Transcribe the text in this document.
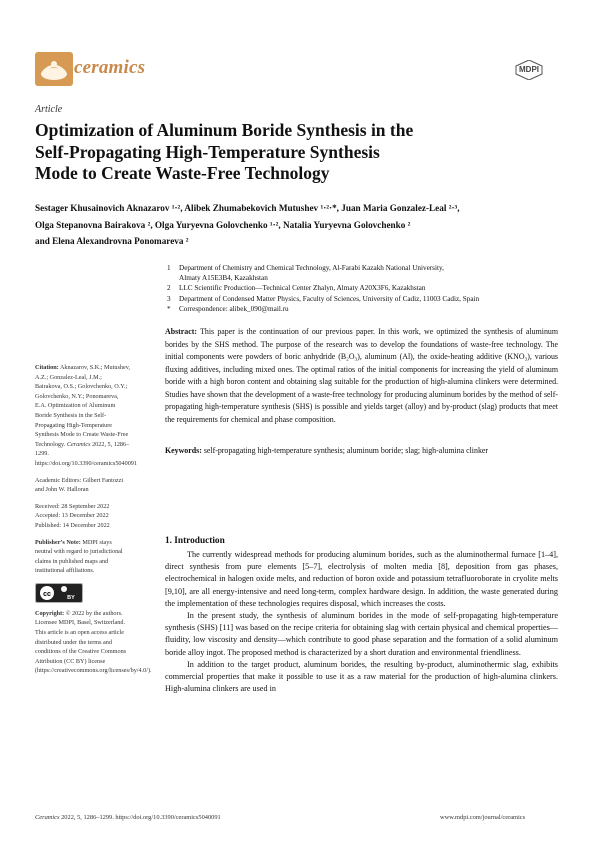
ceramics	MDPI
Article
Optimization of Aluminum Boride Synthesis in the
Self-Propagating High-Temperature Synthesis
Mode to Create Waste-Free Technology
Sestager Khusainovich Aknazarov ¹·², Alibek Zhumabekovich Mutushev ¹·²·*, Juan Maria Gonzalez-Leal ²·³,
Olga Stepanovna Bairakova ², Olga Yuryevna Golovchenko ¹·², Natalia Yuryevna Golovchenko ²
and Elena Alexandrovna Ponomareva ²
1	Department of Chemistry and Chemical Technology, Al-Farabi Kazakh National University,
Almaty A15E3B4, Kazakhstan
2	LLC Scientific Production—Technical Center Zhalyn, Almaty A20X3F6, Kazakhstan
3	Department of Condensed Matter Physics, Faculty of Sciences, University of Cadiz, 11003 Cadiz, Spain
*	Correspondence: alibek_090@mail.ru
Abstract: This paper is the continuation of our previous paper. In this work, we optimized the synthesis of aluminum borides by the SHS method. The purpose of the research was to develop the foundations of waste-free technology. The initial components were powders of boric anhydride (B₂O₃), aluminum (Al), the oxide-heating additive (KNO₃), various fluxing additives, including mixed ones. The optimal ratios of the initial components for increasing the yield of aluminum boride with a high boron content and obtaining slag suitable for the production of high-alumina clinkers were determined. Studies have shown that the development of a waste-free technology for producing aluminum borides by the method of self-propagating high-temperature synthesis (SHS) is possible and yields target (alloy) and by-product (slag) products that meet the requirements for chemical and phase composition.
Keywords: self-propagating high-temperature synthesis; aluminum boride; slag; high-alumina clinker

Citation: Aknazarov, S.K.; Mutushev, A.Z.; Gonzalez-Leal, J.M.; Bairakova, O.S.; Golovchenko, O.Y.; Golovchenko, N.Y.; Ponomareva, E.A. Optimization of Aluminum Boride Synthesis in the Self-Propagating High-Temperature Synthesis Mode to Create Waste-Free Technology. Ceramics 2022, 5, 1286–1299. https://doi.org/10.3390/ceramics5040091

Academic Editors: Gilbert Fantozzi and John W. Halloran

Received: 28 September 2022
Accepted: 13 December 2022
Published: 14 December 2022

Publisher’s Note: MDPI stays neutral with regard to jurisdictional claims in published maps and institutional affiliations.

cc	BY

Copyright: © 2022 by the authors. Licensee MDPI, Basel, Switzerland. This article is an open access article distributed under the terms and conditions of the Creative Commons Attribution (CC BY) license (https://creativecommons.org/licenses/by/4.0/).

1. Introduction

The currently widespread methods for producing aluminum borides, such as the aluminothermal furnace [1–4], direct synthesis from pure elements [5–7], electrolysis of molten media [8], deposition from gas phases, electrochemical in halogen oxide melts, and reduction of boron oxide and potassium tetrafluoroborate in cryolite melts [9,10], are all energy-intensive and need long-term, complex hardware design. In addition, the waste generated during the implementation of these technologies requires disposal, which increases the costs.

In the present study, the synthesis of aluminum borides in the mode of self-propagating high-temperature synthesis (SHS) [11] was based on the recipe criteria for obtaining slag with certain physical and chemical properties—fluidity, low viscosity and density—which contribute to good phase separation and the formation of a solid aluminum boride alloy ingot. The proposed method is characterized by a short duration and environmental friendliness.

In addition to the target product, aluminum borides, the resulting by-product, aluminothermic slag, exhibits commercial properties that make it possible to use it as a raw material for the production of high-alumina clinkers. High-alumina clinkers are used in

Ceramics 2022, 5, 1286–1299. https://doi.org/10.3390/ceramics5040091	www.mdpi.com/journal/ceramics
